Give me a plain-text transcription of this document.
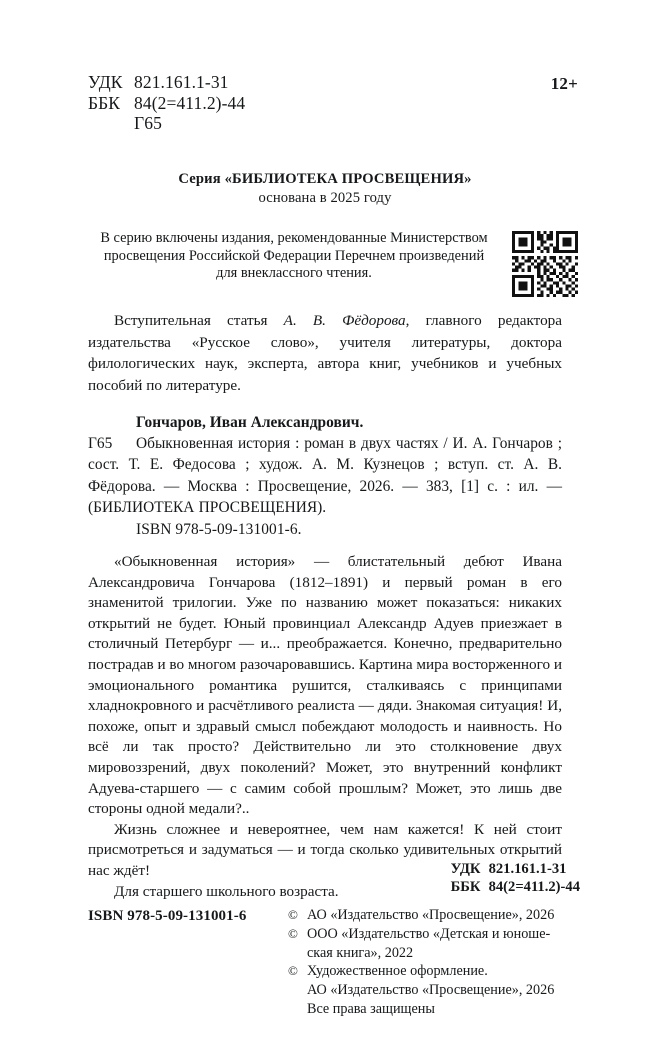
УДК 821.161.1-31
ББК 84(2=411.2)-44
Г65
12+
Серия «БИБЛИОТЕКА ПРОСВЕЩЕНИЯ»
основана в 2025 году
В серию включены издания, рекомендованные Министерством просвещения Российской Федерации Перечнем произведений для внеклассного чтения.
Вступительная статья А. В. Фёдорова, главного редактора издательства «Русское слово», учителя литературы, доктора филологических наук, эксперта, автора книг, учебников и учебных пособий по литературе.
Гончаров, Иван Александрович.
Г65	Обыкновенная история : роман в двух частях / И. А. Гончаров ; сост. Т. Е. Федосова ; худож. А. М. Кузнецов ; вступ. ст. А. В. Фёдорова. — Москва : Просвещение, 2026. — 383, [1] с. : ил. — (БИБЛИОТЕКА ПРОСВЕЩЕНИЯ).
ISBN 978-5-09-131001-6.

«Обыкновенная история» — блистательный дебют Ивана Александровича Гончарова (1812–1891) и первый роман в его знаменитой трилогии. Уже по названию может показаться: никаких открытий не будет. Юный провинциал Александр Адуев приезжает в столичный Петербург — и... преображается. Конечно, предварительно пострадав и во многом разочаровавшись. Картина мира восторженного и эмоционального романтика рушится, сталкиваясь с принципами хладнокровного и расчётливого реалиста — дяди. Знакомая ситуация! И, похоже, опыт и здравый смысл побеждают молодость и наивность. Но всё ли так просто? Действительно ли это столкновение двух мировоззрений, двух поколений? Может, это внутренний конфликт Адуева-старшего — с самим собой прошлым? Может, это лишь две стороны одной медали?..

Жизнь сложнее и невероятнее, чем нам кажется! К ней стоит присмотреться и задуматься — и тогда сколько удивительных открытий нас ждёт!

Для старшего школьного возраста.

УДК 821.161.1-31
ББК 84(2=411.2)-44
ISBN 978-5-09-131001-6	© АО «Издательство «Просвещение», 2026
© ООО «Издательство «Детская и юноше-
ская книга», 2022
© Художественное оформление.
АО «Издательство «Просвещение», 2026
Все права защищены
